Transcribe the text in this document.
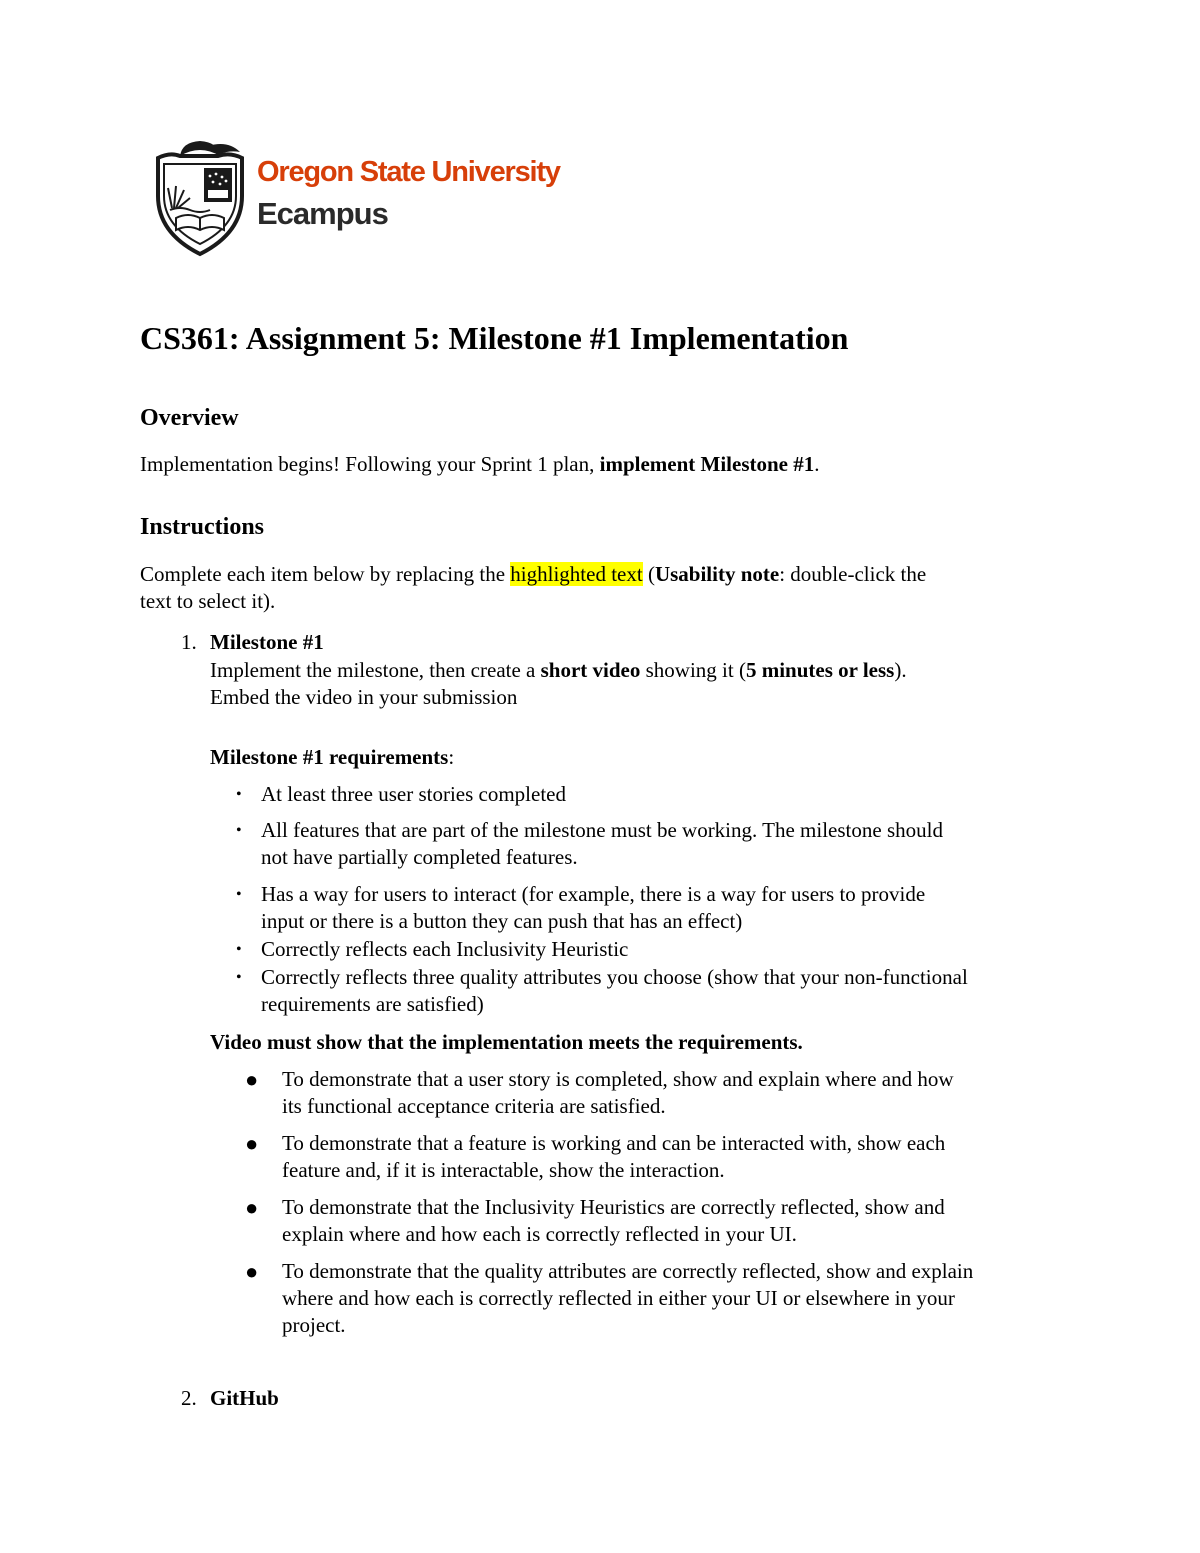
Oregon State University
Ecampus
CS361: Assignment 5: Milestone #1 Implementation
Overview

Implementation begins! Following your Sprint 1 plan, implement Milestone #1.

Instructions

Complete each item below by replacing the highlighted text (Usability note: double-click the

text to select it).

1. Milestone #1

Implement the milestone, then create a short video showing it (5 minutes or less).

Embed the video in your submission

Milestone #1 requirements:

• At least three user stories completed
• All features that are part of the milestone must be working. The milestone should
not have partially completed features.
• Has a way for users to interact (for example, there is a way for users to provide
input or there is a button they can push that has an effect)
• Correctly reflects each Inclusivity Heuristic
• Correctly reflects three quality attributes you choose (show that your non-functional
requirements are satisfied)

Video must show that the implementation meets the requirements.

● To demonstrate that a user story is completed, show and explain where and how
its functional acceptance criteria are satisfied.
● To demonstrate that a feature is working and can be interacted with, show each
feature and, if it is interactable, show the interaction.
● To demonstrate that the Inclusivity Heuristics are correctly reflected, show and
explain where and how each is correctly reflected in your UI.
● To demonstrate that the quality attributes are correctly reflected, show and explain
where and how each is correctly reflected in either your UI or elsewhere in your
project.

2. GitHub
